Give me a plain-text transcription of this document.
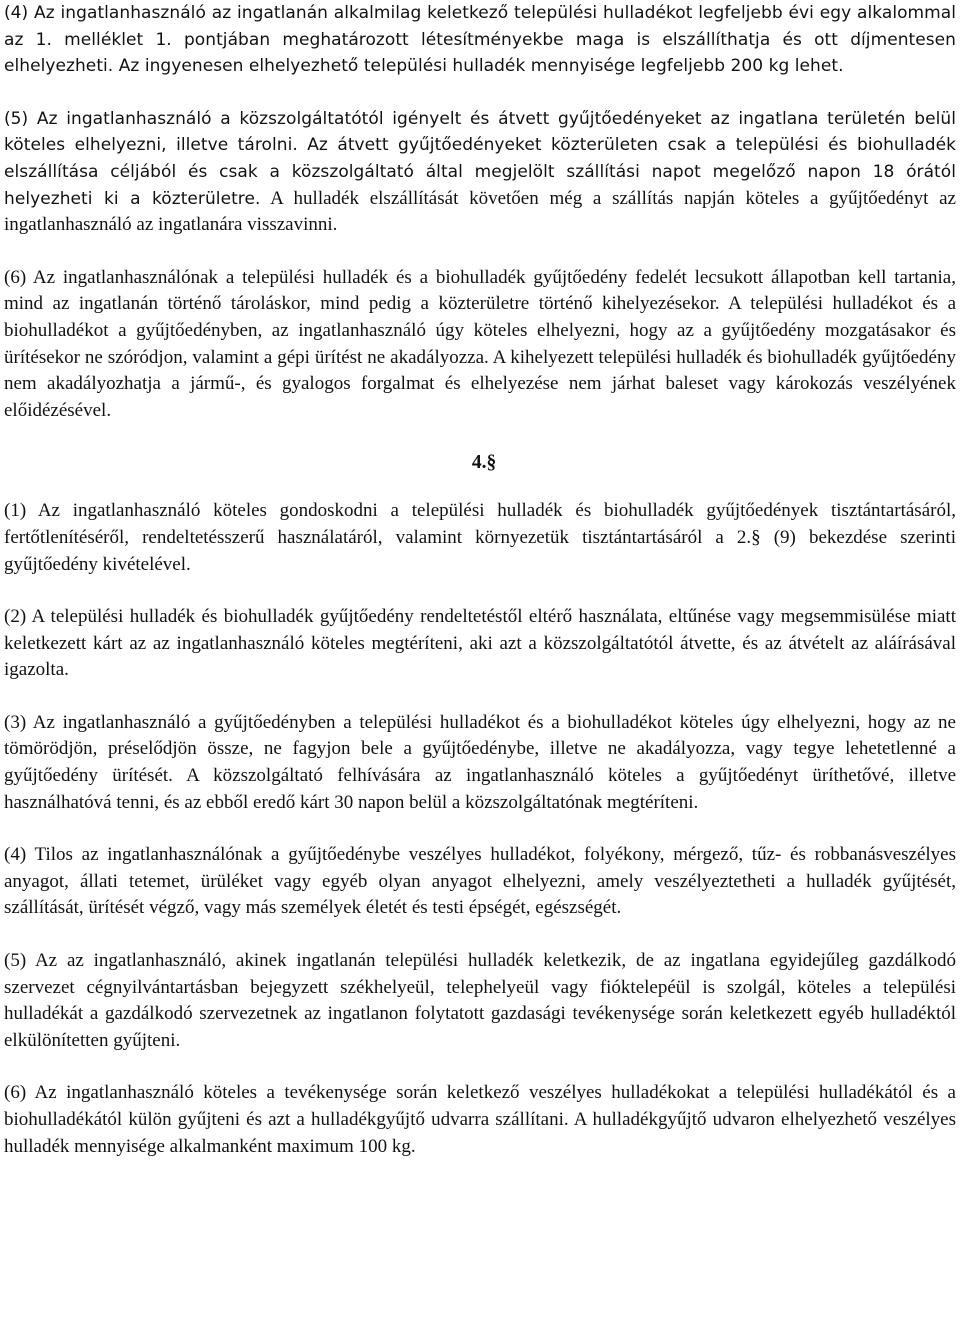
(4) Az ingatlanhasználó az ingatlanán alkalmilag keletkező települési hulladékot legfeljebb évi egy alkalommal az 1. melléklet 1. pontjában meghatározott létesítményekbe maga is elszállíthatja és ott díjmentesen elhelyezheti. Az ingyenesen elhelyezhető települési hulladék mennyisége legfeljebb 200 kg lehet.

(5) Az ingatlanhasználó a közszolgáltatótól igényelt és átvett gyűjtőedényeket az ingatlana területén belül köteles elhelyezni, illetve tárolni. Az átvett gyűjtőedényeket közterületen csak a települési és biohulladék elszállítása céljából és csak a közszolgáltató által megjelölt szállítási napot megelőző napon 18 órától helyezheti ki a közterületre. A hulladék elszállítását követően még a szállítás napján köteles a gyűjtőedényt az ingatlanhasználó az ingatlanára visszavinni.

(6) Az ingatlanhasználónak a települési hulladék és a biohulladék gyűjtőedény fedelét lecsukott állapotban kell tartania, mind az ingatlanán történő tároláskor, mind pedig a közterületre történő kihelyezésekor. A települési hulladékot és a biohulladékot a gyűjtőedényben, az ingatlanhasználó úgy köteles elhelyezni, hogy az a gyűjtőedény mozgatásakor és ürítésekor ne szóródjon, valamint a gépi ürítést ne akadályozza. A kihelyezett települési hulladék és biohulladék gyűjtőedény nem akadályozhatja a jármű-, és gyalogos forgalmat és elhelyezése nem járhat baleset vagy károkozás veszélyének előidézésével.

4.§

(1) Az ingatlanhasználó köteles gondoskodni a települési hulladék és biohulladék gyűjtőedények tisztántartásáról, fertőtlenítéséről, rendeltetésszerű használatáról, valamint környezetük tisztántartásáról a 2.§ (9) bekezdése szerinti gyűjtőedény kivételével.

(2) A települési hulladék és biohulladék gyűjtőedény rendeltetéstől eltérő használata, eltűnése vagy megsemmisülése miatt keletkezett kárt az az ingatlanhasználó köteles megtéríteni, aki azt a közszolgáltatótól átvette, és az átvételt az aláírásával igazolta.

(3) Az ingatlanhasználó a gyűjtőedényben a települési hulladékot és a biohulladékot köteles úgy elhelyezni, hogy az ne tömörödjön, préselődjön össze, ne fagyjon bele a gyűjtőedénybe, illetve ne akadályozza, vagy tegye lehetetlenné a gyűjtőedény ürítését. A közszolgáltató felhívására az ingatlanhasználó köteles a gyűjtőedényt üríthetővé, illetve használhatóvá tenni, és az ebből eredő kárt 30 napon belül a közszolgáltatónak megtéríteni.

(4) Tilos az ingatlanhasználónak a gyűjtőedénybe veszélyes hulladékot, folyékony, mérgező, tűz- és robbanásveszélyes anyagot, állati tetemet, ürüléket vagy egyéb olyan anyagot elhelyezni, amely veszélyeztetheti a hulladék gyűjtését, szállítását, ürítését végző, vagy más személyek életét és testi épségét, egészségét.

(5) Az az ingatlanhasználó, akinek ingatlanán települési hulladék keletkezik, de az ingatlana egyidejűleg gazdálkodó szervezet cégnyilvántartásban bejegyzett székhelyeül, telephelyeül vagy fióktelepéül is szolgál, köteles a települési hulladékát a gazdálkodó szervezetnek az ingatlanon folytatott gazdasági tevékenysége során keletkezett egyéb hulladéktól elkülönítetten gyűjteni.

(6) Az ingatlanhasználó köteles a tevékenysége során keletkező veszélyes hulladékokat a települési hulladékától és a biohulladékától külön gyűjteni és azt a hulladékgyűjtő udvarra szállítani. A hulladékgyűjtő udvaron elhelyezhető veszélyes hulladék mennyisége alkalmanként maximum 100 kg.
